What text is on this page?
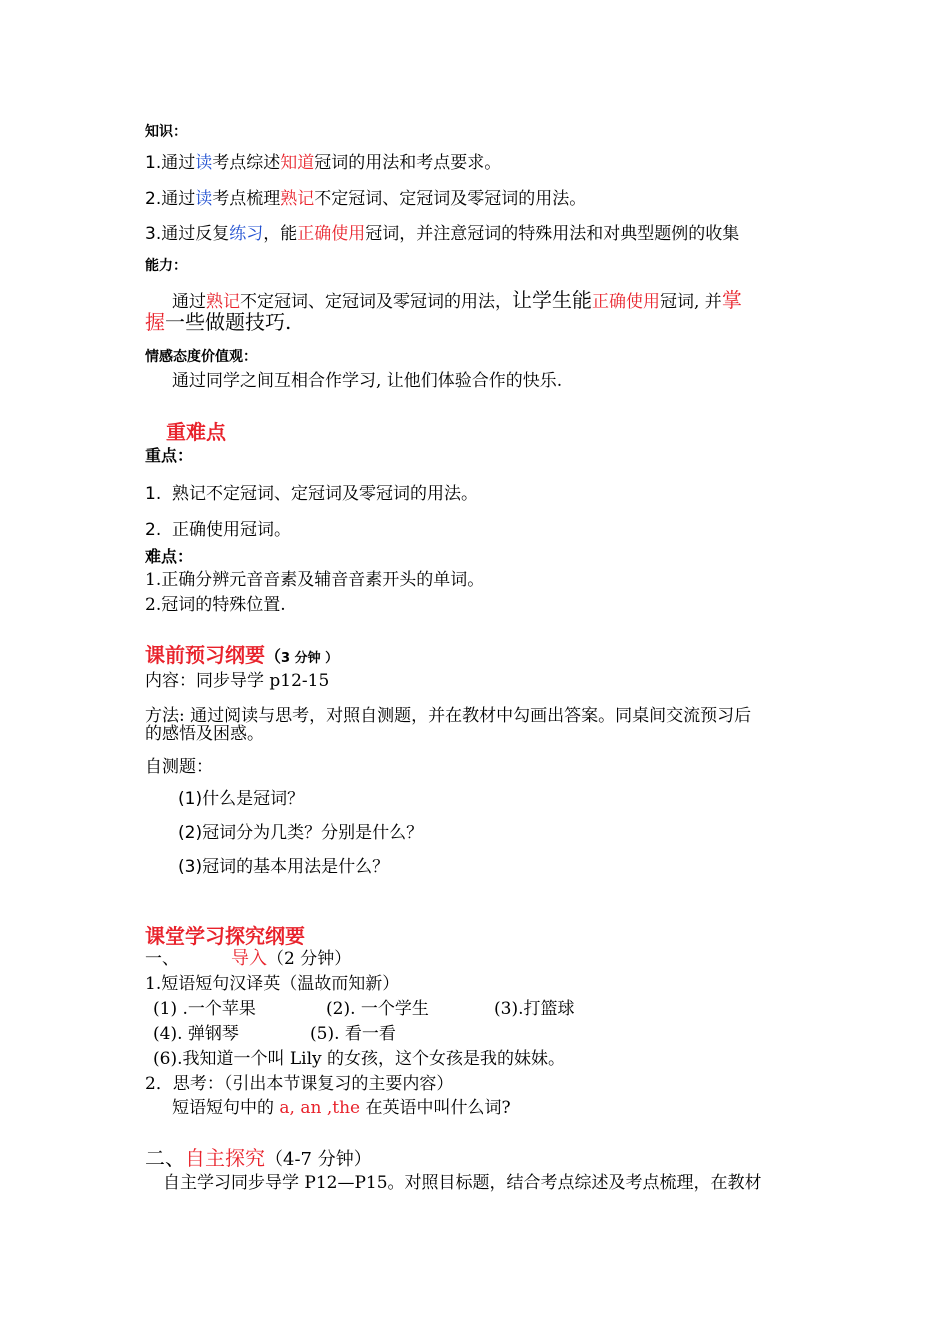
知识：
1.通过读考点综述知道冠词的用法和考点要求。
2.通过读考点梳理熟记不定冠词、定冠词及零冠词的用法。
3.通过反复练习，能正确使用冠词，并注意冠词的特殊用法和对典型题例的收集
能力：
通过熟记不定冠词、定冠词及零冠词的用法，让学生能正确使用冠词, 并掌
握一些做题技巧.
情感态度价值观：
通过同学之间互相合作学习, 让他们体验合作的快乐.
重难点
重点：
1. 熟记不定冠词、定冠词及零冠词的用法。
2. 正确使用冠词。
难点：
1.正确分辨元音音素及辅音音素开头的单词。
2.冠词的特殊位置.
课前预习纲要（3 分钟 ）
内容：同步导学 p12-15
方法: 通过阅读与思考，对照自测题，并在教材中勾画出答案。同桌间交流预习后
的感悟及困惑。
自测题：
(1)什么是冠词？
(2)冠词分为几类？分别是什么？
(3)冠词的基本用法是什么？
课堂学习探究纲要
一、	导入（2 分钟）
1.短语短句汉译英（温故而知新）
(1) .一个苹果	(2). 一个学生	(3).打篮球
(4). 弹钢琴	(5). 看一看
(6).我知道一个叫 Lily 的女孩，这个女孩是我的妹妹。
2．思考：（引出本节课复习的主要内容）
短语短句中的 a, an ,the 在英语中叫什么词?
二、自主探究（4-7 分钟）
自主学习同步导学 P12—P15。对照目标题，结合考点综述及考点梳理，在教材
